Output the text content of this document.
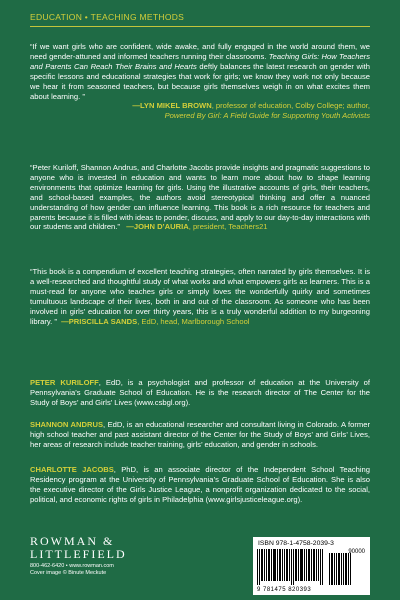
EDUCATION • TEACHING METHODS
“If we want girls who are confident, wide awake, and fully engaged in the world around them, we need gender-attuned and informed teachers running their classrooms. Teaching Girls: How Teachers and Parents Can Reach Their Brains and Hearts deftly balances the latest research on gender with specific lessons and educational strategies that work for girls; we know they work not only because we hear it from seasoned teachers, but because girls themselves weigh in on what excites them about learning. ”
—LYN MIKEL BROWN, professor of education, Colby College; author,
Powered By Girl: A Field Guide for Supporting Youth Activists
“Peter Kuriloff, Shannon Andrus, and Charlotte Jacobs provide insights and pragmatic suggestions to anyone who is invested in education and wants to learn more about how to shape learning environments that optimize learning for girls. Using the illustrative accounts of girls, their teachers, and school-based examples, the authors avoid stereotypical thinking and offer a nuanced understanding of how gender can influence learning. This book is a rich resource for teachers and parents because it is filled with ideas to ponder, discuss, and apply to our day-to-day interactions with our students and children.” —JOHN D’AURIA, president, Teachers21
“This book is a compendium of excellent teaching strategies, often narrated by girls themselves. It is a well-researched and thoughtful study of what works and what empowers girls as learners. This is a must-read for anyone who teaches girls or simply loves the wonderfully quirky and sometimes tumultuous landscape of their lives, both in and out of the classroom. As someone who has been involved in girls’ education for over thirty years, this is a truly wonderful addition to my burgeoning library. ” —PRISCILLA SANDS, EdD, head, Marlborough School
PETER KURILOFF, EdD, is a psychologist and professor of education at the University of Pennsylvania’s Graduate School of Education. He is the research director of The Center for the Study of Boys’ and Girls’ Lives (www.csbgl.org).
SHANNON ANDRUS, EdD, is an educational researcher and consultant living in Colorado. A former high school teacher and past assistant director of the Center for the Study of Boys’ and Girls’ Lives, her areas of research include teacher training, girls’ education, and gender in schools.
CHARLOTTE JACOBS, PhD, is an associate director of the Independent School Teaching Residency program at the University of Pennsylvania’s Graduate School of Education. She is also the executive director of the Girls Justice League, a nonprofit organization dedicated to the social, political, and economic rights of girls in Philadelphia (www.girlsjusticeleague.org).
ROWMAN &
LITTLEFIELD
800-462-6420 • www.rowman.com
Cover image © Binute Meckute
ISBN 978-1-4758-2039-3
90000
9 781475 820393
